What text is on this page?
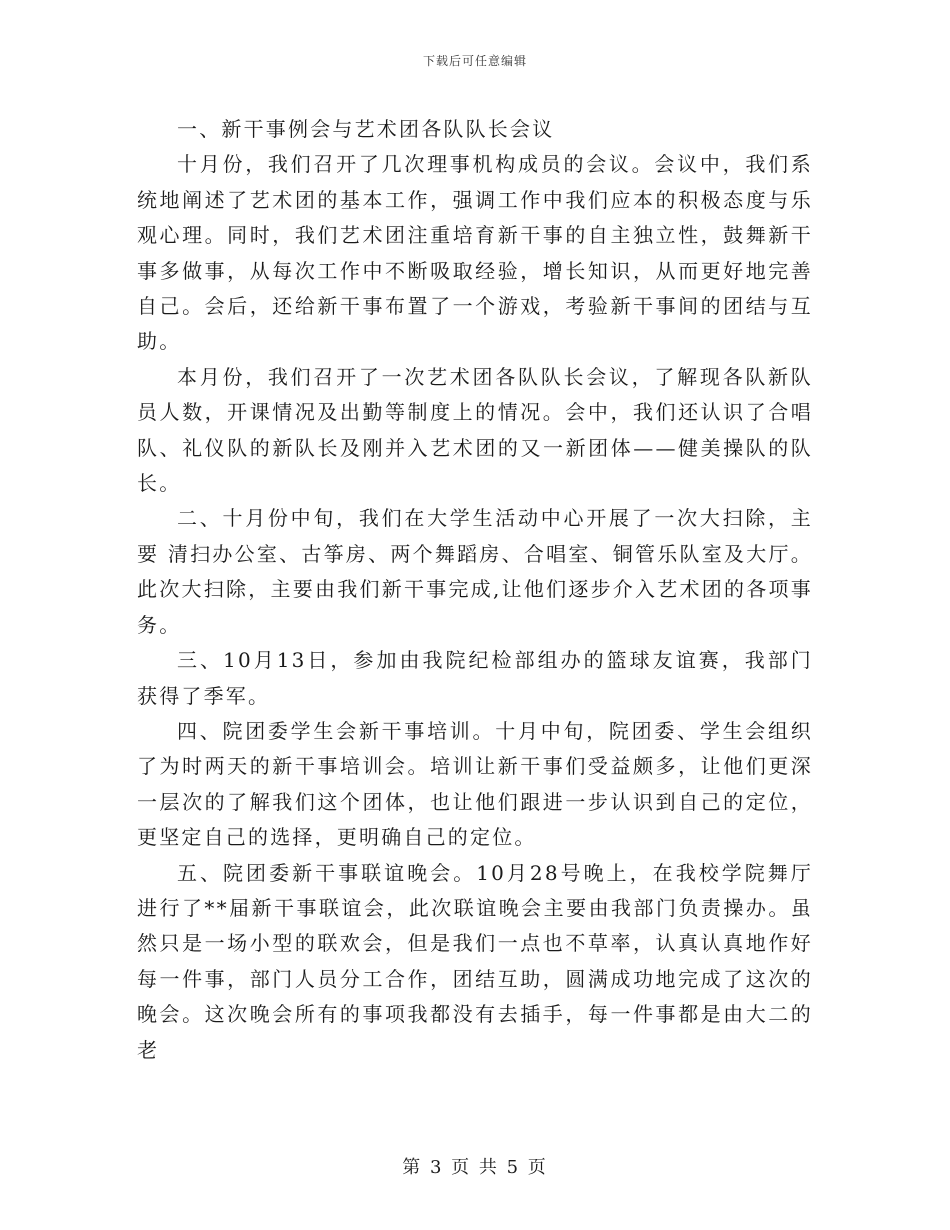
下载后可任意编辑

一、新干事例会与艺术团各队队长会议

十月份，我们召开了几次理事机构成员的会议。会议中，我们系统地阐述了艺术团的基本工作，强调工作中我们应本的积极态度与乐观心理。同时，我们艺术团注重培育新干事的自主独立性，鼓舞新干事多做事，从每次工作中不断吸取经验，增长知识，从而更好地完善自己。会后，还给新干事布置了一个游戏，考验新干事间的团结与互助。

本月份，我们召开了一次艺术团各队队长会议，了解现各队新队员人数，开课情况及出勤等制度上的情况。会中，我们还认识了合唱队、礼仪队的新队长及刚并入艺术团的又一新团体——健美操队的队长。

二、十月份中旬，我们在大学生活动中心开展了一次大扫除，主要 清扫办公室、古筝房、两个舞蹈房、合唱室、铜管乐队室及大厅。此次大扫除，主要由我们新干事完成,让他们逐步介入艺术团的各项事务。

三、10月13日，参加由我院纪检部组办的篮球友谊赛，我部门获得了季军。

四、院团委学生会新干事培训。十月中旬，院团委、学生会组织了为时两天的新干事培训会。培训让新干事们受益颇多，让他们更深一层次的了解我们这个团体，也让他们跟进一步认识到自己的定位，更坚定自己的选择，更明确自己的定位。

五、院团委新干事联谊晚会。10月28号晚上，在我校学院舞厅进行了**届新干事联谊会，此次联谊晚会主要由我部门负责操办。虽然只是一场小型的联欢会，但是我们一点也不草率，认真认真地作好每一件事，部门人员分工合作，团结互助，圆满成功地完成了这次的晚会。这次晚会所有的事项我都没有去插手，每一件事都是由大二的老

第 3 页 共 5 页
